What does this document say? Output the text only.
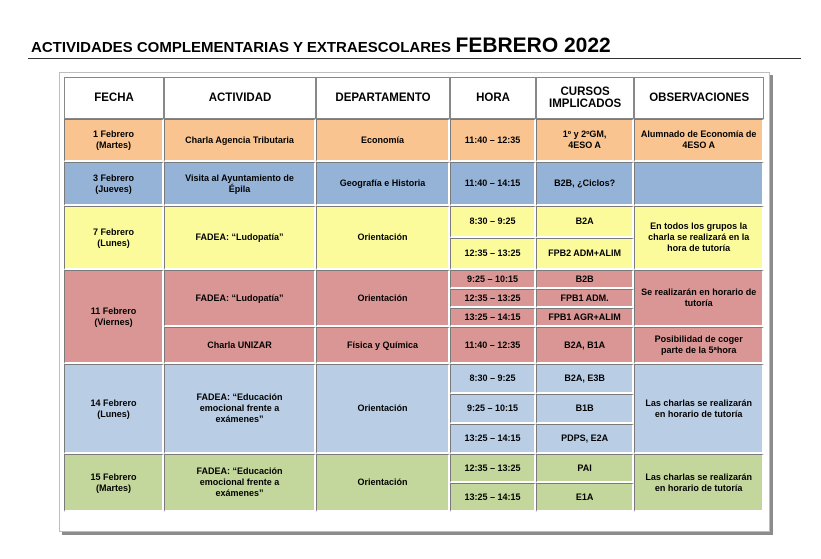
ACTIVIDADES COMPLEMENTARIAS Y EXTRAESCOLARES FEBRERO 2022
FECHA	ACTIVIDAD	DEPARTAMENTO	HORA	CURSOS IMPLICADOS	OBSERVACIONES
1 Febrero (Martes)	Charla Agencia Tributaria	Economía	11:40 – 12:35	1º y 2ºGM, 4ESO A	Alumnado de Economía de 4ESO A
3 Febrero (Jueves)	Visita al Ayuntamiento de Épila	Geografía e Historia	11:40 – 14:15	B2B, ¿Ciclos?	
7 Febrero (Lunes)	FADEA: “Ludopatía”	Orientación	8:30 – 9:25	B2A	En todos los grupos la charla se realizará en la hora de tutoría
			12:35 – 13:25	FPB2 ADM+ALIM	
11 Febrero (Viernes)	FADEA: “Ludopatía”	Orientación	9:25 – 10:15	B2B	Se realizarán en horario de tutoría
			12:35 – 13:25	FPB1 ADM.	
			13:25 – 14:15	FPB1 AGR+ALIM	
	Charla UNIZAR	Física y Química	11:40 – 12:35	B2A, B1A	Posibilidad de coger parte de la 5ªhora
14 Febrero (Lunes)	FADEA: “Educación emocional frente a exámenes”	Orientación	8:30 – 9:25	B2A, E3B	Las charlas se realizarán en horario de tutoría
			9:25 – 10:15	B1B	
			13:25 – 14:15	PDPS, E2A	
15 Febrero (Martes)	FADEA: “Educación emocional frente a exámenes”	Orientación	12:35 – 13:25	PAI	Las charlas se realizarán en horario de tutoría
			13:25 – 14:15	E1A	
